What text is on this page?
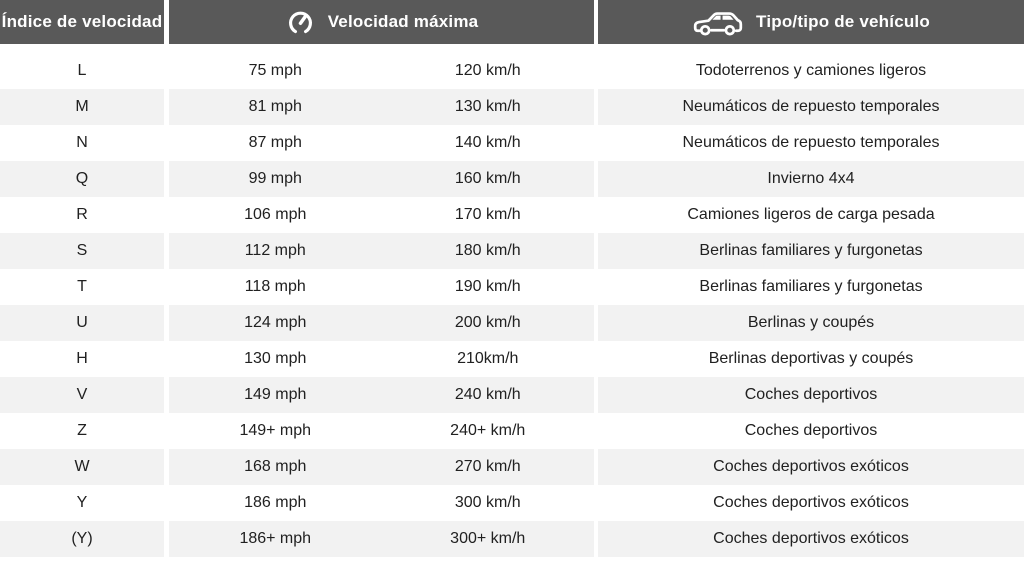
Índice de velocidad	Velocidad máxima	Tipo/tipo de vehículo
L	75 mph	120 km/h	Todoterrenos y camiones ligeros
M	81 mph	130 km/h	Neumáticos de repuesto temporales
N	87 mph	140 km/h	Neumáticos de repuesto temporales
Q	99 mph	160 km/h	Invierno 4x4
R	106 mph	170 km/h	Camiones ligeros de carga pesada
S	112 mph	180 km/h	Berlinas familiares y furgonetas
T	118 mph	190 km/h	Berlinas familiares y furgonetas
U	124 mph	200 km/h	Berlinas y coupés
H	130 mph	210km/h	Berlinas deportivas y coupés
V	149 mph	240 km/h	Coches deportivos
Z	149+ mph	240+ km/h	Coches deportivos
W	168 mph	270 km/h	Coches deportivos exóticos
Y	186 mph	300 km/h	Coches deportivos exóticos
(Y)	186+ mph	300+ km/h	Coches deportivos exóticos
